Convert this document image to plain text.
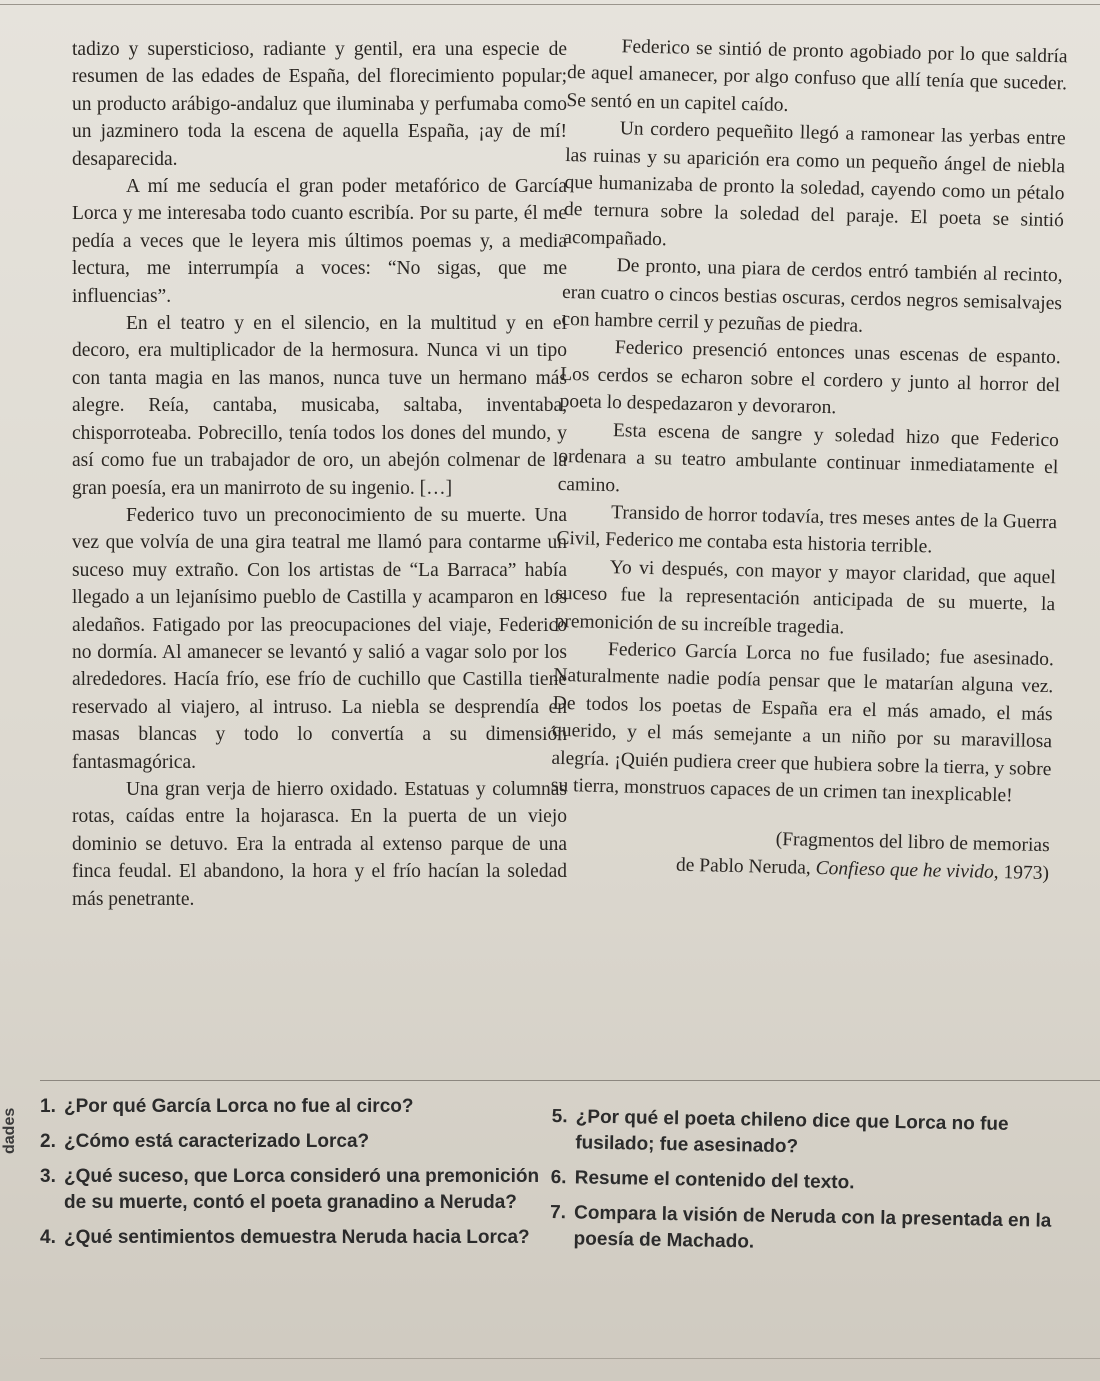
tadizo y supersticioso, radiante y gentil, era una especie de resumen de las edades de España, del florecimiento popular; un producto arábigo-andaluz que iluminaba y perfumaba como un jazminero toda la escena de aquella España, ¡ay de mí! desaparecida.

A mí me seducía el gran poder metafórico de García Lorca y me interesaba todo cuanto escribía. Por su parte, él me pedía a veces que le leyera mis últimos poemas y, a media lectura, me interrumpía a voces: “No sigas, que me influencias”.

En el teatro y en el silencio, en la multitud y en el decoro, era multiplicador de la hermosura. Nunca vi un tipo con tanta magia en las manos, nunca tuve un hermano más alegre. Reía, cantaba, musicaba, saltaba, inventaba, chisporroteaba. Pobrecillo, tenía todos los dones del mundo, y así como fue un trabajador de oro, un abejón colmenar de la gran poesía, era un manirroto de su ingenio. […]

Federico tuvo un preconocimiento de su muerte. Una vez que volvía de una gira teatral me llamó para contarme un suceso muy extraño. Con los artistas de “La Barraca” había llegado a un lejanísimo pueblo de Castilla y acamparon en los aledaños. Fatigado por las preocupaciones del viaje, Federico no dormía. Al amanecer se levantó y salió a vagar solo por los alrededores. Hacía frío, ese frío de cuchillo que Castilla tiene reservado al viajero, al intruso. La niebla se desprendía en masas blancas y todo lo convertía a su dimensión fantasmagórica.

Una gran verja de hierro oxidado. Estatuas y columnas rotas, caídas entre la hojarasca. En la puerta de un viejo dominio se detuvo. Era la entrada al extenso parque de una finca feudal. El abandono, la hora y el frío hacían la soledad más penetrante.

Federico se sintió de pronto agobiado por lo que saldría de aquel amanecer, por algo confuso que allí tenía que suceder. Se sentó en un capitel caído.

Un cordero pequeñito llegó a ramonear las yerbas entre las ruinas y su aparición era como un pequeño ángel de niebla que humanizaba de pronto la soledad, cayendo como un pétalo de ternura sobre la soledad del paraje. El poeta se sintió acompañado.

De pronto, una piara de cerdos entró también al recinto, eran cuatro o cincos bestias oscuras, cerdos negros semisalvajes con hambre cerril y pezuñas de piedra.

Federico presenció entonces unas escenas de espanto. Los cerdos se echaron sobre el cordero y junto al horror del poeta lo despedazaron y devoraron.

Esta escena de sangre y soledad hizo que Federico ordenara a su teatro ambulante continuar inmediatamente el camino.

Transido de horror todavía, tres meses antes de la Guerra Civil, Federico me contaba esta historia terrible.

Yo vi después, con mayor y mayor claridad, que aquel suceso fue la representación anticipada de su muerte, la premonición de su increíble tragedia.

Federico García Lorca no fue fusilado; fue asesinado. Naturalmente nadie podía pensar que le matarían alguna vez. De todos los poetas de España era el más amado, el más querido, y el más semejante a un niño por su maravillosa alegría. ¡Quién pudiera creer que hubiera sobre la tierra, y sobre su tierra, monstruos capaces de un crimen tan inexplicable!

(Fragmentos del libro de memorias
de Pablo Neruda, Confieso que he vivido, 1973)
dades
1. ¿Por qué García Lorca no fue al circo?
2. ¿Cómo está caracterizado Lorca?
3. ¿Qué suceso, que Lorca consideró una premonición de su muerte, contó el poeta granadino a Neruda?
4. ¿Qué sentimientos demuestra Neruda hacia Lorca?
5. ¿Por qué el poeta chileno dice que Lorca no fue fusilado; fue asesinado?
6. Resume el contenido del texto.
7. Compara la visión de Neruda con la presentada en la poesía de Machado.
